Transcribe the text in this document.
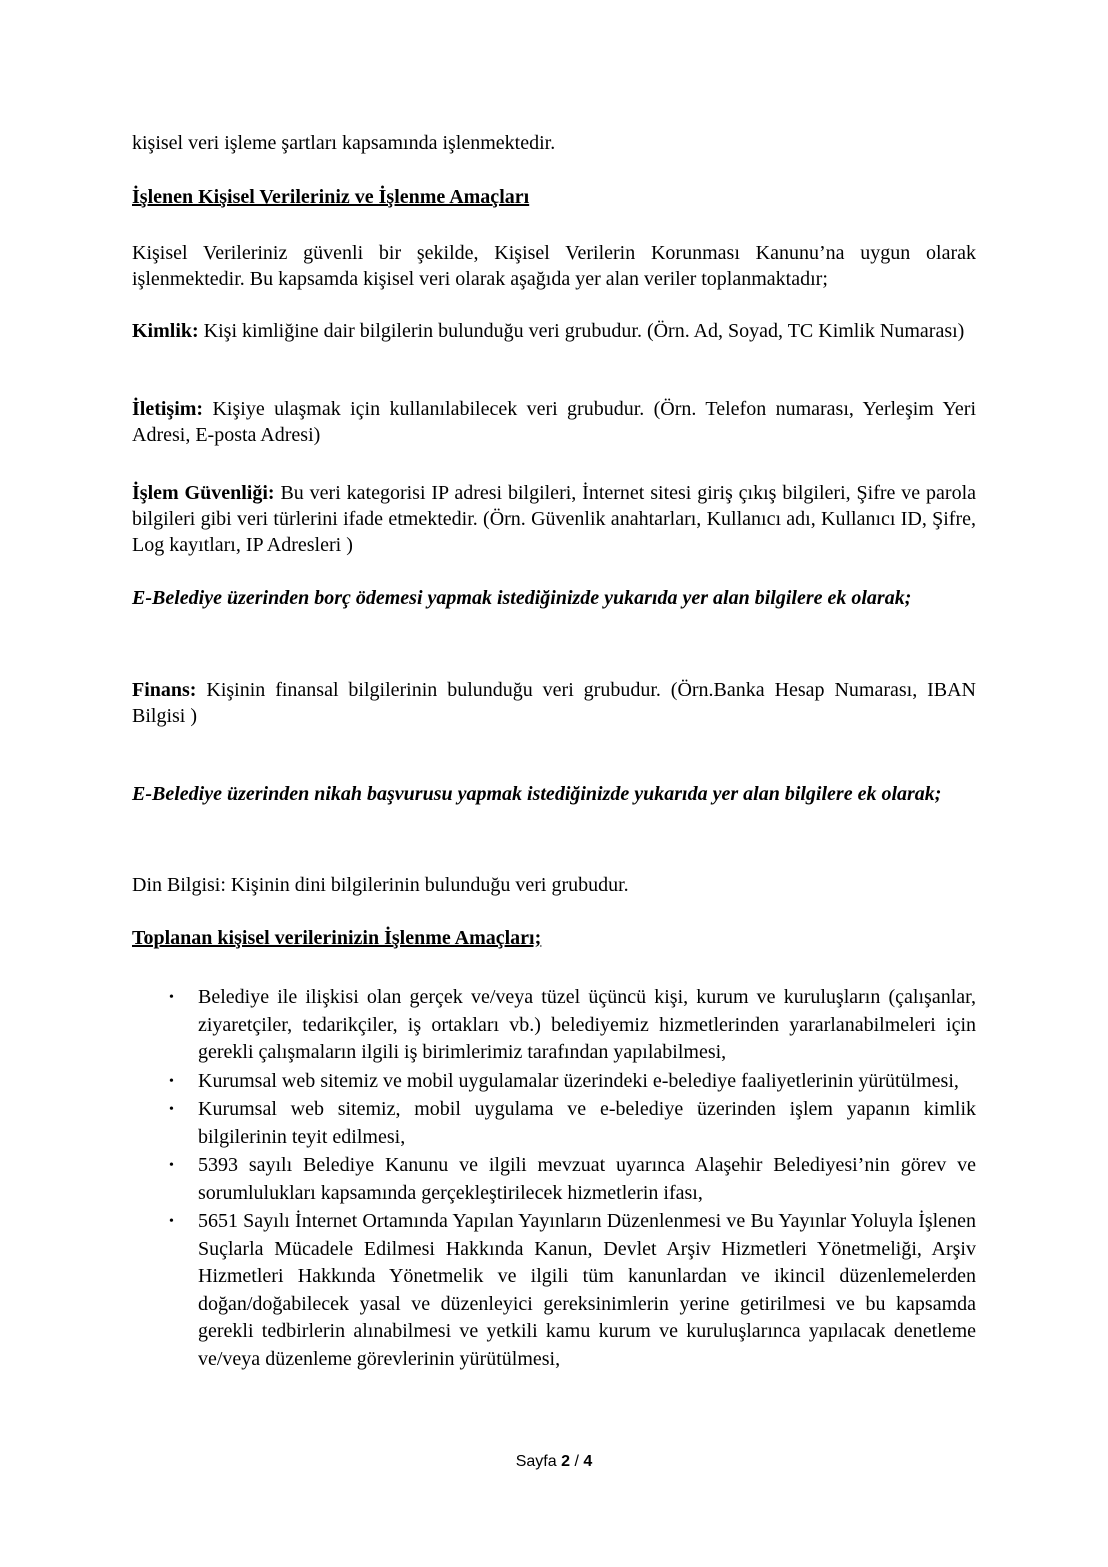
kişisel veri işleme şartları kapsamında işlenmektedir.

İşlenen Kişisel Verileriniz ve İşlenme Amaçları

Kişisel Verileriniz güvenli bir şekilde, Kişisel Verilerin Korunması Kanunu’na uygun olarak işlenmektedir. Bu kapsamda kişisel veri olarak aşağıda yer alan veriler toplanmaktadır;

Kimlik: Kişi kimliğine dair bilgilerin bulunduğu veri grubudur. (Örn. Ad, Soyad, TC Kimlik Numarası)

İletişim: Kişiye ulaşmak için kullanılabilecek veri grubudur. (Örn. Telefon numarası, Yerleşim Yeri Adresi, E-posta Adresi)

İşlem Güvenliği: Bu veri kategorisi IP adresi bilgileri, İnternet sitesi giriş çıkış bilgileri, Şifre ve parola bilgileri gibi veri türlerini ifade etmektedir. (Örn. Güvenlik anahtarları, Kullanıcı adı, Kullanıcı ID, Şifre, Log kayıtları, IP Adresleri )

E-Belediye üzerinden borç ödemesi yapmak istediğinizde yukarıda yer alan bilgilere ek olarak;

Finans: Kişinin finansal bilgilerinin bulunduğu veri grubudur. (Örn.Banka Hesap Numarası, IBAN Bilgisi )

E-Belediye üzerinden nikah başvurusu yapmak istediğinizde yukarıda yer alan bilgilere ek olarak;

Din Bilgisi: Kişinin dini bilgilerinin bulunduğu veri grubudur.

Toplanan kişisel verilerinizin İşlenme Amaçları;

• Belediye ile ilişkisi olan gerçek ve/veya tüzel üçüncü kişi, kurum ve kuruluşların (çalışanlar, ziyaretçiler, tedarikçiler, iş ortakları vb.) belediyemiz hizmetlerinden yararlanabilmeleri için gerekli çalışmaların ilgili iş birimlerimiz tarafından yapılabilmesi,
• Kurumsal web sitemiz ve mobil uygulamalar üzerindeki e-belediye faaliyetlerinin yürütülmesi,
• Kurumsal web sitemiz, mobil uygulama ve e-belediye üzerinden işlem yapanın kimlik bilgilerinin teyit edilmesi,
• 5393 sayılı Belediye Kanunu ve ilgili mevzuat uyarınca Alaşehir Belediyesi’nin görev ve sorumlulukları kapsamında gerçekleştirilecek hizmetlerin ifası,
• 5651 Sayılı İnternet Ortamında Yapılan Yayınların Düzenlenmesi ve Bu Yayınlar Yoluyla İşlenen Suçlarla Mücadele Edilmesi Hakkında Kanun, Devlet Arşiv Hizmetleri Yönetmeliği, Arşiv Hizmetleri Hakkında Yönetmelik ve ilgili tüm kanunlardan ve ikincil düzenlemelerden doğan/doğabilecek yasal ve düzenleyici gereksinimlerin yerine getirilmesi ve bu kapsamda gerekli tedbirlerin alınabilmesi ve yetkili kamu kurum ve kuruluşlarınca yapılacak denetleme ve/veya düzenleme görevlerinin yürütülmesi,
Sayfa 2 / 4
